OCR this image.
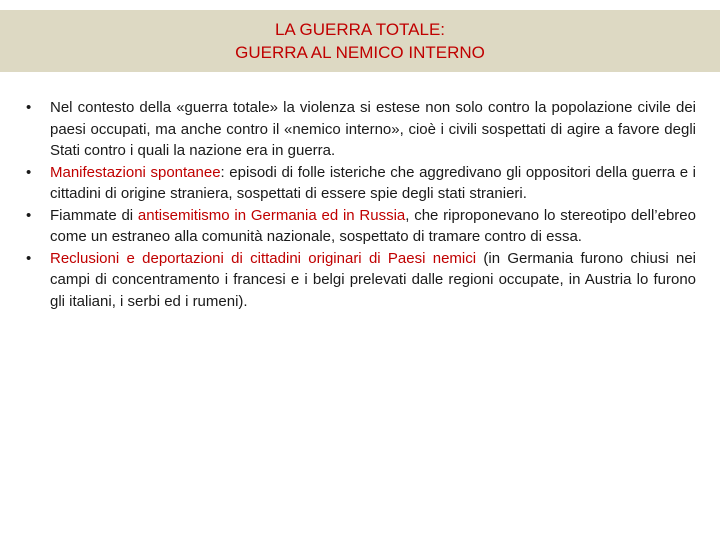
LA GUERRA TOTALE:
GUERRA AL NEMICO INTERNO
• Nel contesto della «guerra totale» la violenza si estese non solo contro la popolazione civile dei paesi occupati, ma anche contro il «nemico interno», cioè i civili sospettati di agire a favore degli Stati contro i quali la nazione era in guerra.
• Manifestazioni spontanee: episodi di folle isteriche che aggredivano gli oppositori della guerra e i cittadini di origine straniera, sospettati di essere spie degli stati stranieri.
• Fiammate di antisemitismo in Germania ed in Russia, che riproponevano lo stereotipo dell’ebreo come un estraneo alla comunità nazionale, sospettato di tramare contro di essa.
• Reclusioni e deportazioni di cittadini originari di Paesi nemici (in Germania furono chiusi nei campi di concentramento i francesi e i belgi prelevati dalle regioni occupate, in Austria lo furono gli italiani, i serbi ed i rumeni).
